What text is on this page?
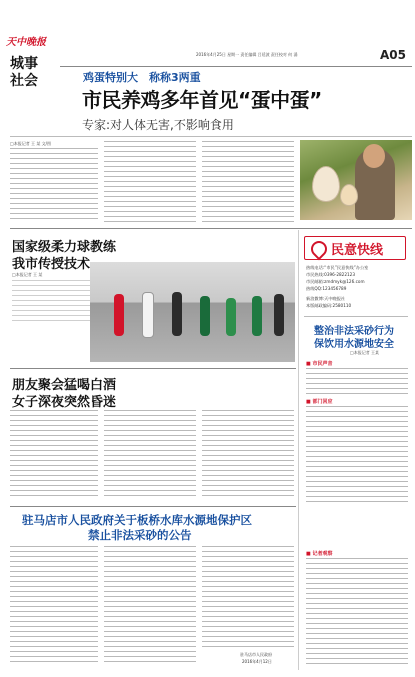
天中晚报
2016年4月25日 星期一 责任编辑 吕延波 责任校对 何 涌	A05
城事社会	鸡蛋特别大　称称3两重
市民养鸡多年首见“蛋中蛋”
专家:对人体无害,不影响食用
□本报记者 王 某 文/图
国家级柔力球教练
我市传授技术
□本报记者 王 某
朋友聚会猛喝白酒
女子深夜突然昏迷
民意快线
热线电话:“市民”民意快线”办公室
市民热线:0396-2822123
市民邮箱:zmdmyk@126.com
热线QQ:123456789
新浪微博:天中晚报社
本版邮政编码:2580110
整治非法采砂行为
保饮用水源地安全
□本报记者 王某
■ 市民声音
■ 部门回应
驻马店市人民政府关于板桥水库水源地保护区
禁止非法采砂的公告
驻马店市人民政府
2016年4月12日
■ 记者观察
